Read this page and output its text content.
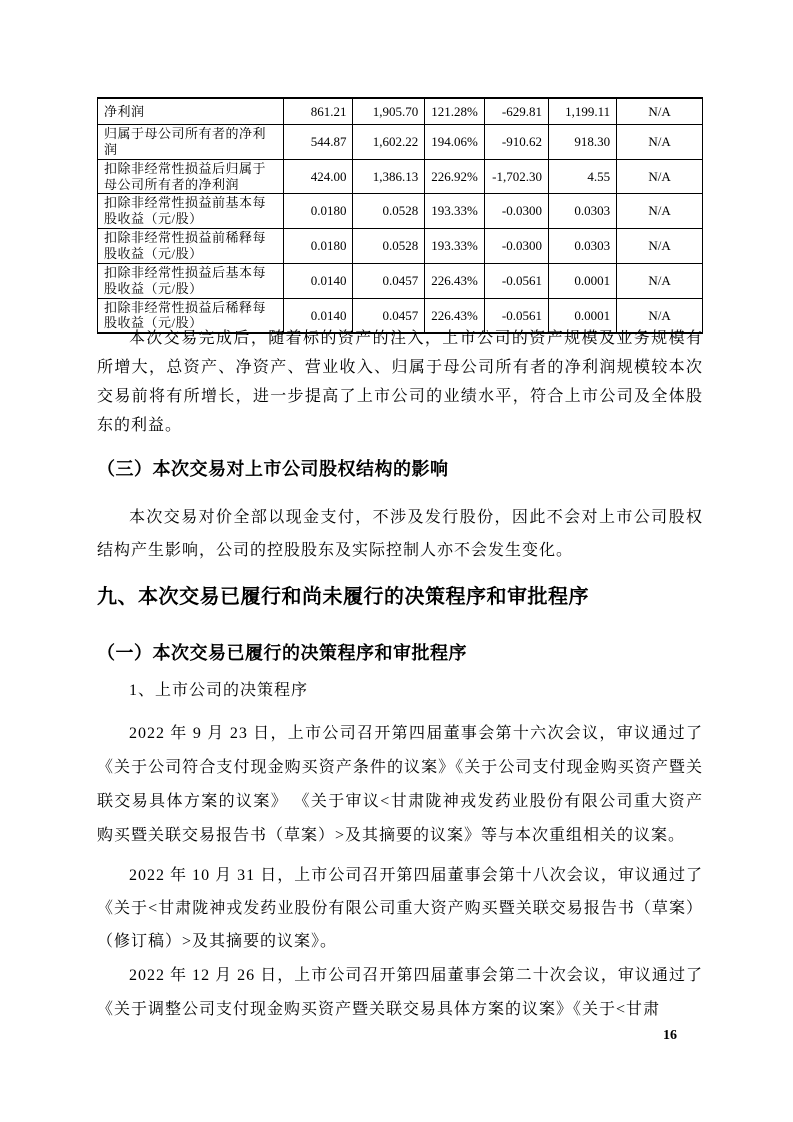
净利润	861.21	1,905.70	121.28%	-629.81	1,199.11	N/A
归属于母公司所有者的净利润	544.87	1,602.22	194.06%	-910.62	918.30	N/A
扣除非经常性损益后归属于母公司所有者的净利润	424.00	1,386.13	226.92%	-1,702.30	4.55	N/A
扣除非经常性损益前基本每股收益（元/股）	0.0180	0.0528	193.33%	-0.0300	0.0303	N/A
扣除非经常性损益前稀释每股收益（元/股）	0.0180	0.0528	193.33%	-0.0300	0.0303	N/A
扣除非经常性损益后基本每股收益（元/股）	0.0140	0.0457	226.43%	-0.0561	0.0001	N/A
扣除非经常性损益后稀释每股收益（元/股）	0.0140	0.0457	226.43%	-0.0561	0.0001	N/A

本次交易完成后，随着标的资产的注入，上市公司的资产规模及业务规模有所增大，总资产、净资产、营业收入、归属于母公司所有者的净利润规模较本次交易前将有所增长，进一步提高了上市公司的业绩水平，符合上市公司及全体股东的利益。

（三）本次交易对上市公司股权结构的影响

本次交易对价全部以现金支付，不涉及发行股份，因此不会对上市公司股权结构产生影响，公司的控股股东及实际控制人亦不会发生变化。

九、本次交易已履行和尚未履行的决策程序和审批程序
（一）本次交易已履行的决策程序和审批程序
1、上市公司的决策程序

2022 年 9 月 23 日，上市公司召开第四届董事会第十六次会议，审议通过了《关于公司符合支付现金购买资产条件的议案》《关于公司支付现金购买资产暨关联交易具体方案的议案》 《关于审议<甘肃陇神戎发药业股份有限公司重大资产购买暨关联交易报告书（草案）>及其摘要的议案》等与本次重组相关的议案。

2022 年 10 月 31 日，上市公司召开第四届董事会第十八次会议，审议通过了《关于<甘肃陇神戎发药业股份有限公司重大资产购买暨关联交易报告书（草案）（修订稿）>及其摘要的议案》。

2022 年 12 月 26 日，上市公司召开第四届董事会第二十次会议，审议通过了《关于调整公司支付现金购买资产暨关联交易具体方案的议案》《关于<甘肃

16
